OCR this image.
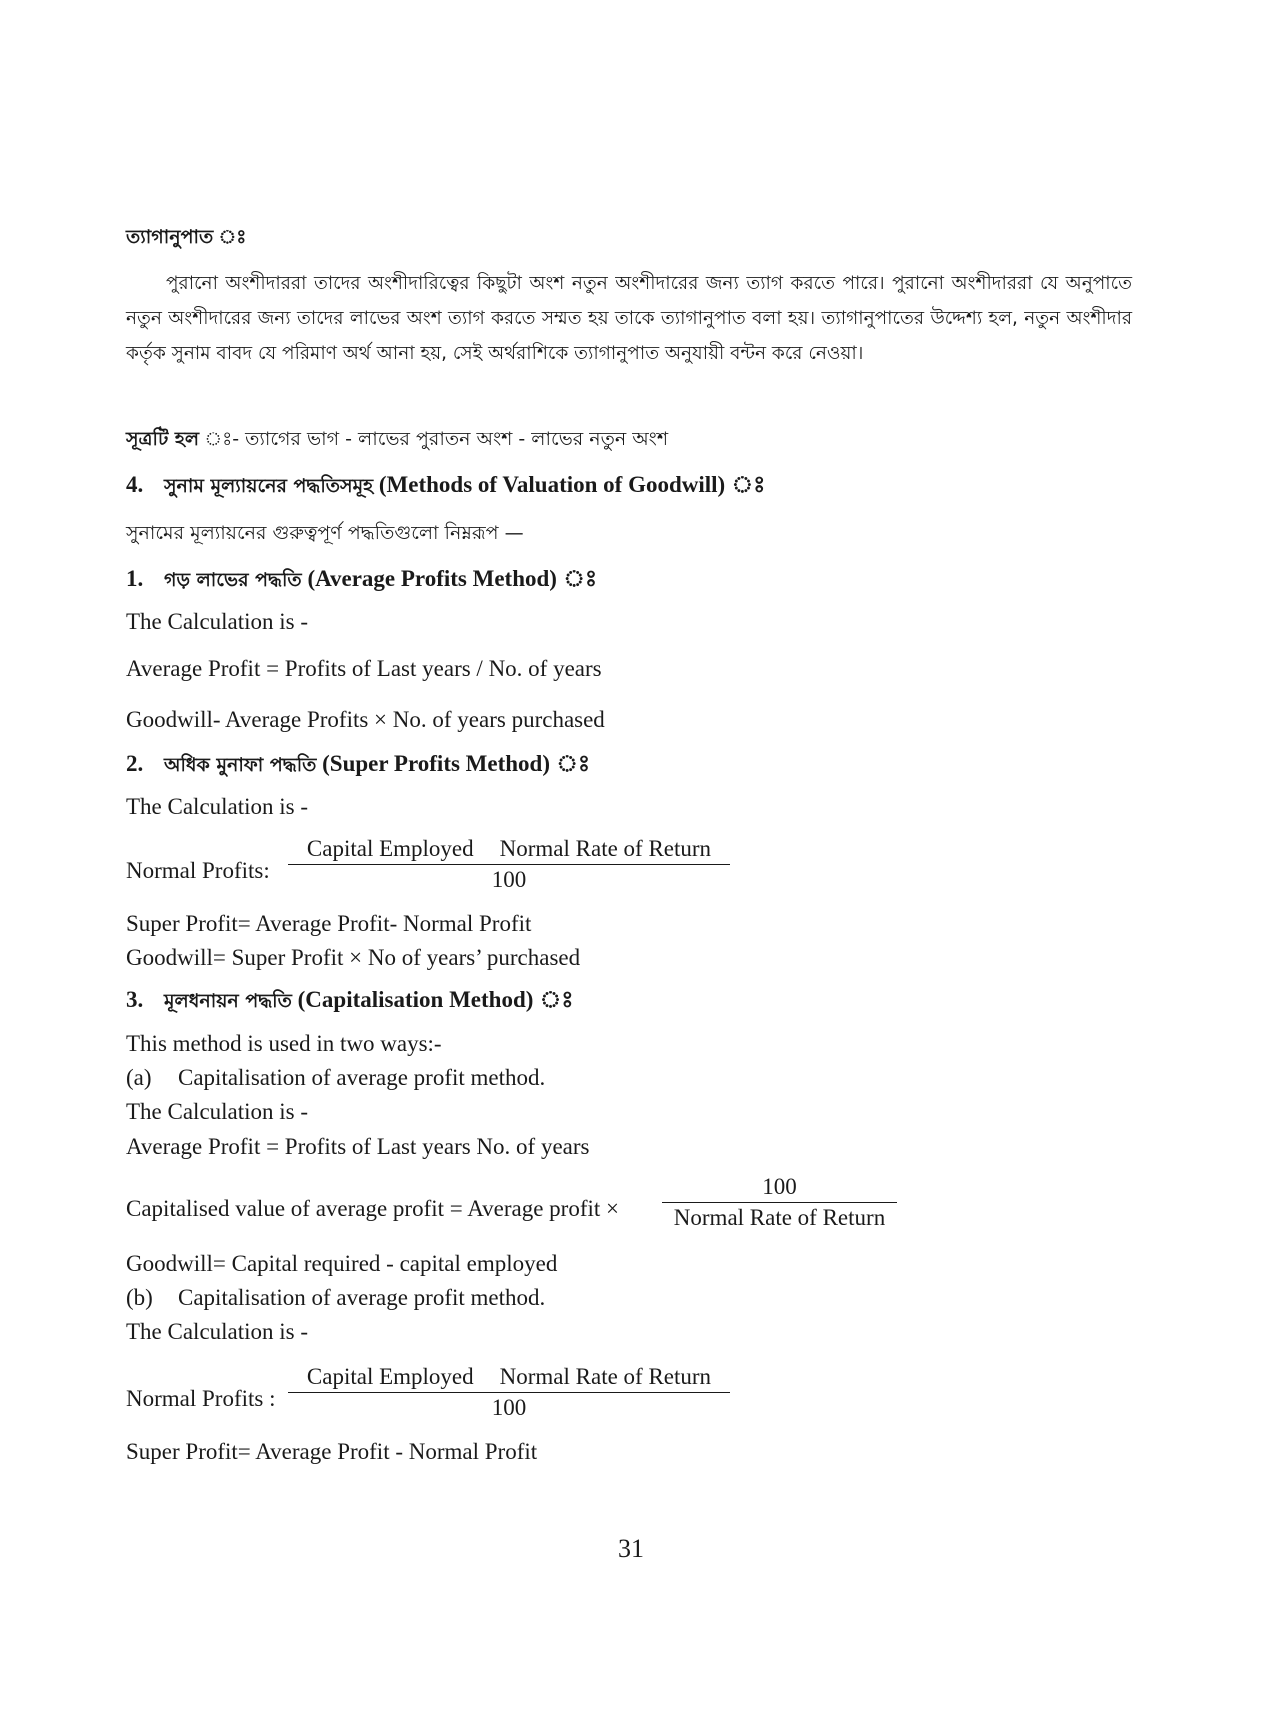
ত্যাগানুপাত ঃ
পুরানো অংশীদাররা তাদের অংশীদারিত্বের কিছুটা অংশ নতুন অংশীদারের জন্য ত্যাগ করতে পারে। পুরানো অংশীদাররা যে অনুপাতে নতুন অংশীদারের জন্য তাদের লাভের অংশ ত্যাগ করতে সম্মত হয় তাকে ত্যাগানুপাত বলা হয়। ত্যাগানুপাতের উদ্দেশ্য হল, নতুন অংশীদার কর্তৃক সুনাম বাবদ যে পরিমাণ অর্থ আনা হয়, সেই অর্থরাশিকে ত্যাগানুপাত অনুযায়ী বন্টন করে নেওয়া।
সূত্রটি হল ঃ- ত্যাগের ভাগ - লাভের পুরাতন অংশ - লাভের নতুন অংশ
4. সুনাম মূল্যায়নের পদ্ধতিসমূহ (Methods of Valuation of Goodwill) ঃ
সুনামের মূল্যায়নের গুরুত্বপূর্ণ পদ্ধতিগুলো নিম্নরূপ —
1. গড় লাভের পদ্ধতি (Average Profits Method) ঃ
The Calculation is -
Average Profit = Profits of Last years / No. of years
Goodwill- Average Profits × No. of years purchased
2. অধিক মুনাফা পদ্ধতি (Super Profits Method) ঃ
The Calculation is -
Normal Profits:
Capital Employed Normal Rate of Return
100
Super Profit= Average Profit- Normal Profit
Goodwill= Super Profit × No of years’ purchased
3. মূলধনায়ন পদ্ধতি (Capitalisation Method) ঃ
This method is used in two ways:-
(a) Capitalisation of average profit method.
The Calculation is -
Average Profit = Profits of Last years No. of years
Capitalised value of average profit = Average profit ×
100
Normal Rate of Return
Goodwill= Capital required - capital employed
(b) Capitalisation of average profit method.
The Calculation is -
Normal Profits :
Capital Employed Normal Rate of Return
100
Super Profit= Average Profit - Normal Profit
31
